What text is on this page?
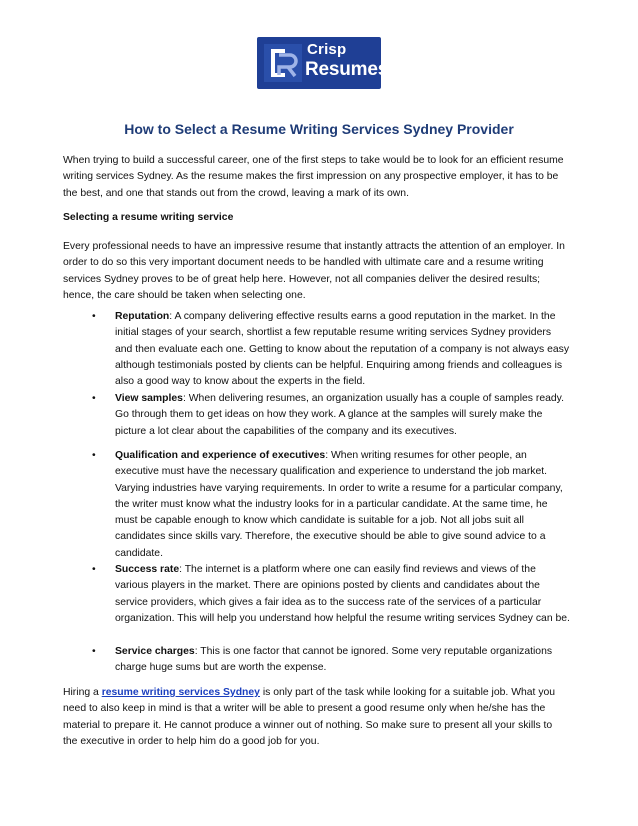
Crisp
Resumes
How to Select a Resume Writing Services Sydney Provider
When trying to build a successful career, one of the first steps to take would be to look for an efficient resume writing services Sydney. As the resume makes the first impression on any prospective employer, it has to be the best, and one that stands out from the crowd, leaving a mark of its own.
Selecting a resume writing service
Every professional needs to have an impressive resume that instantly attracts the attention of an employer. In order to do so this very important document needs to be handled with ultimate care and a resume writing services Sydney proves to be of great help here. However, not all companies deliver the desired results; hence, the care should be taken when selecting one.
• Reputation: A company delivering effective results earns a good reputation in the market. In the initial stages of your search, shortlist a few reputable resume writing services Sydney providers and then evaluate each one. Getting to know about the reputation of a company is not always easy although testimonials posted by clients can be helpful. Enquiring among friends and colleagues is also a good way to know about the experts in the field.
• View samples: When delivering resumes, an organization usually has a couple of samples ready. Go through them to get ideas on how they work. A glance at the samples will surely make the picture a lot clear about the capabilities of the company and its executives.
• Qualification and experience of executives: When writing resumes for other people, an executive must have the necessary qualification and experience to understand the job market. Varying industries have varying requirements. In order to write a resume for a particular company, the writer must know what the industry looks for in a particular candidate. At the same time, he must be capable enough to know which candidate is suitable for a job. Not all jobs suit all candidates since skills vary. Therefore, the executive should be able to give sound advice to a candidate.
• Success rate: The internet is a platform where one can easily find reviews and views of the various players in the market. There are opinions posted by clients and candidates about the service providers, which gives a fair idea as to the success rate of the services of a particular organization. This will help you understand how helpful the resume writing services Sydney can be.
• Service charges: This is one factor that cannot be ignored. Some very reputable organizations charge huge sums but are worth the expense.
Hiring a resume writing services Sydney is only part of the task while looking for a suitable job. What you need to also keep in mind is that a writer will be able to present a good resume only when he/she has the material to prepare it. He cannot produce a winner out of nothing. So make sure to present all your skills to the executive in order to help him do a good job for you.
